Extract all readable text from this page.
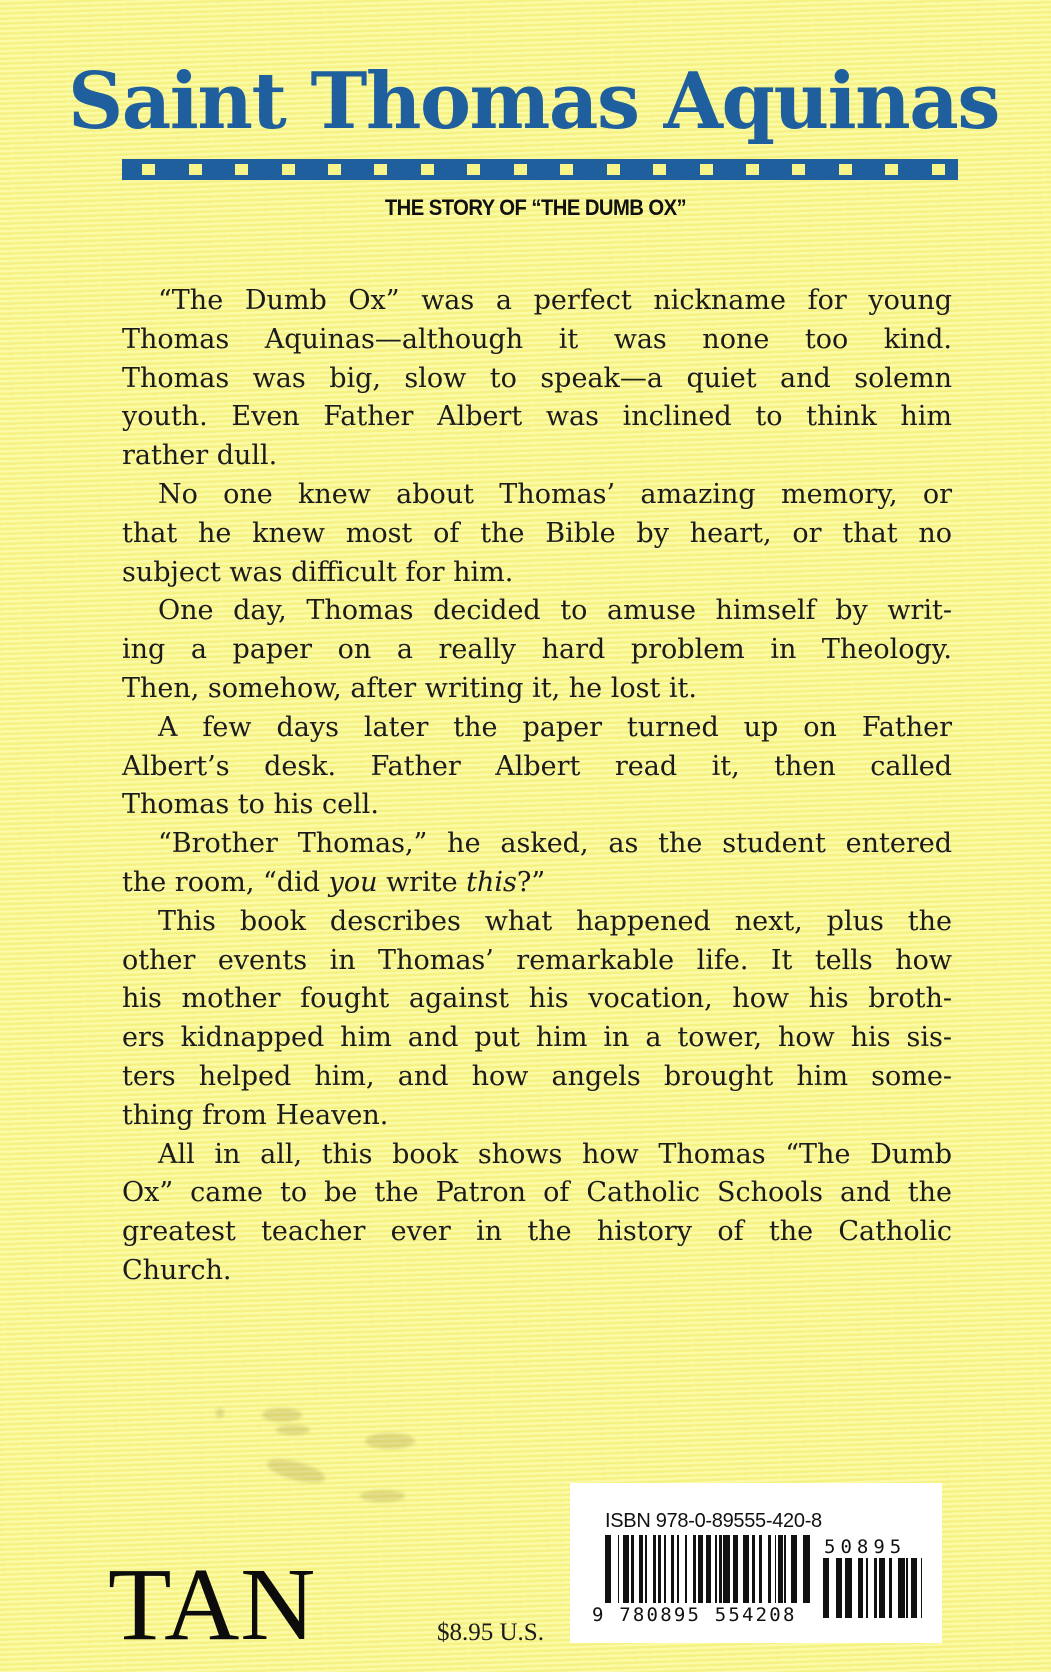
Saint Thomas Aquinas
THE STORY OF “THE DUMB OX”

“The Dumb Ox” was a perfect nickname for young
Thomas Aquinas—although it was none too kind.
Thomas was big, slow to speak—a quiet and solemn
youth. Even Father Albert was inclined to think him
rather dull.

No one knew about Thomas’ amazing memory, or
that he knew most of the Bible by heart, or that no
subject was difficult for him.

One day, Thomas decided to amuse himself by writ-
ing a paper on a really hard problem in Theology.
Then, somehow, after writing it, he lost it.

A few days later the paper turned up on Father
Albert’s desk. Father Albert read it, then called
Thomas to his cell.

“Brother Thomas,” he asked, as the student entered
the room, “did you write this?”

This book describes what happened next, plus the
other events in Thomas’ remarkable life. It tells how
his mother fought against his vocation, how his broth-
ers kidnapped him and put him in a tower, how his sis-
ters helped him, and how angels brought him some-
thing from Heaven.

All in all, this book shows how Thomas “The Dumb
Ox” came to be the Patron of Catholic Schools and the
greatest teacher ever in the history of the Catholic
Church.

TAN	$8.95 U.S.
ISBN 978-0-89555-420-8
9 780895 554208
50895
